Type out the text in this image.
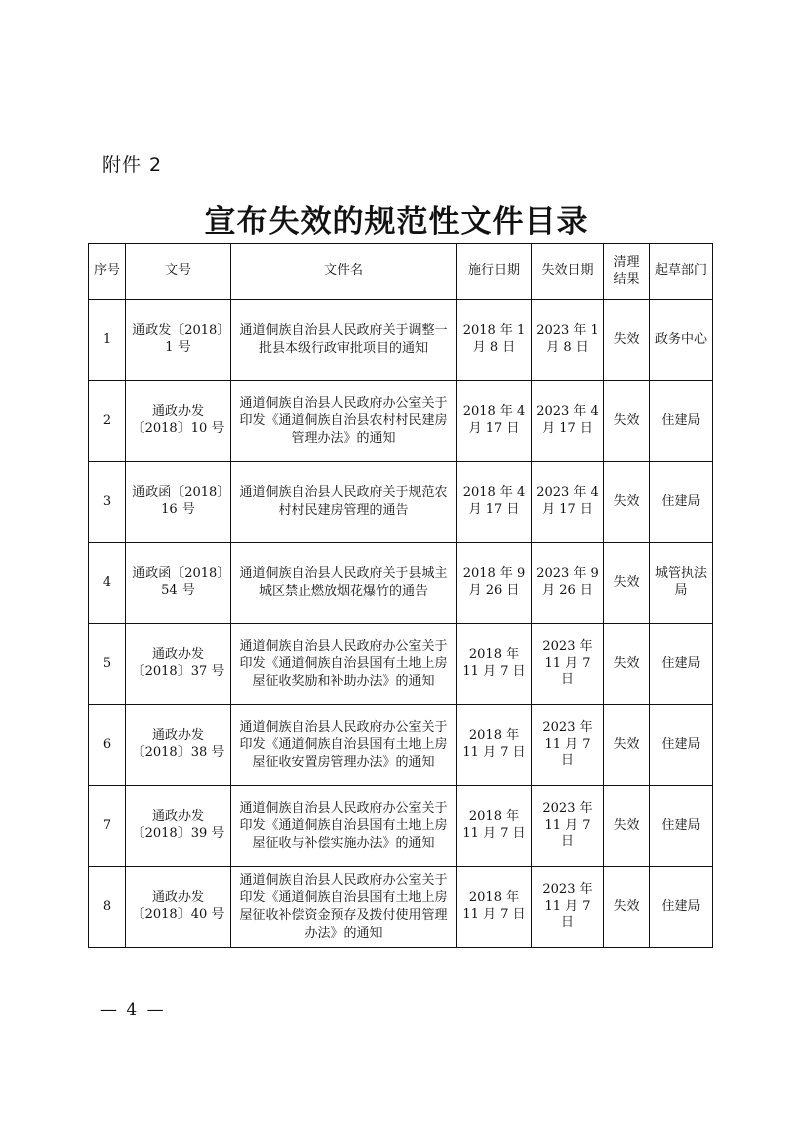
附件 2
宣布失效的规范性文件目录
序号	文号	文件名	施行日期	失效日期	清理结果	起草部门
1	通政发〔2018〕1 号	通道侗族自治县人民政府关于调整一批县本级行政审批项目的通知	2018 年 1 月 8 日	2023 年 1 月 8 日	失效	政务中心
2	通政办发〔2018〕10 号	通道侗族自治县人民政府办公室关于印发《通道侗族自治县农村村民建房管理办法》的通知	2018 年 4 月 17 日	2023 年 4 月 17 日	失效	住建局
3	通政函〔2018〕16 号	通道侗族自治县人民政府关于规范农村村民建房管理的通告	2018 年 4 月 17 日	2023 年 4 月 17 日	失效	住建局
4	通政函〔2018〕54 号	通道侗族自治县人民政府关于县城主城区禁止燃放烟花爆竹的通告	2018 年 9 月 26 日	2023 年 9 月 26 日	失效	城管执法局
5	通政办发〔2018〕37 号	通道侗族自治县人民政府办公室关于印发《通道侗族自治县国有土地上房屋征收奖励和补助办法》的通知	2018 年 11 月 7 日	2023 年 11 月 7 日	失效	住建局
6	通政办发〔2018〕38 号	通道侗族自治县人民政府办公室关于印发《通道侗族自治县国有土地上房屋征收安置房管理办法》的通知	2018 年 11 月 7 日	2023 年 11 月 7 日	失效	住建局
7	通政办发〔2018〕39 号	通道侗族自治县人民政府办公室关于印发《通道侗族自治县国有土地上房屋征收与补偿实施办法》的通知	2018 年 11 月 7 日	2023 年 11 月 7 日	失效	住建局
8	通政办发〔2018〕40 号	通道侗族自治县人民政府办公室关于印发《通道侗族自治县国有土地上房屋征收补偿资金预存及拨付使用管理办法》的通知	2018 年 11 月 7 日	2023 年 11 月 7 日	失效	住建局
— 4 —
